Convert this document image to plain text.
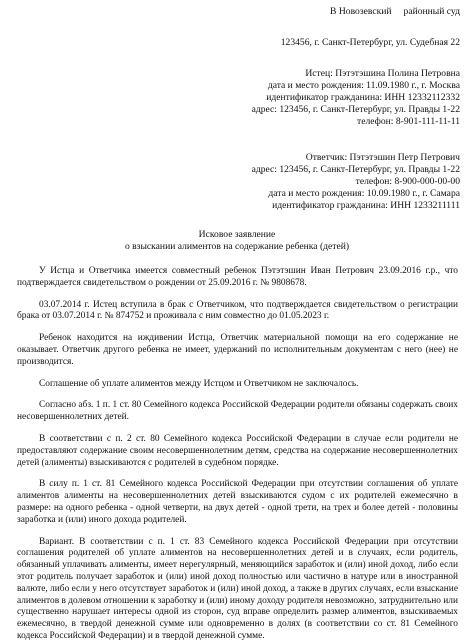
В Новозевский районный суд
123456, г. Санкт-Петербург, ул. Судебная 22
Истец: Пэтэтэшина Полина Петровна
дата и место рождения: 11.09.1980 г., г. Москва
идентификатор гражданина: ИНН 12332112332
адрес: 123456, г. Санкт-Петербург, ул. Правды 1-22
телефон: 8-901-111-11-11
Ответчик: Пэтэтэшин Петр Петрович
адрес: 123456, г. Санкт-Петербург, ул. Правды 1-22
телефон: 8-900-000-00-00
дата и место рождения: 10.09.1980 г., г. Самара
идентификатор гражданина: ИНН 1233211111
Исковое заявление
о взыскании алиментов на содержание ребенка (детей)

У Истца и Ответчика имеется совместный ребенок Пэтэтэшин Иван Петрович 23.09.2016 г.р., что подтверждается свидетельством о рождении от 25.09.2016 г. № 9808678.

03.07.2014 г. Истец вступила в брак с Ответчиком, что подтверждается свидетельством о регистрации брака от 03.07.2014 г. № 874752 и проживала с ним совместно до 01.05.2023 г.

Ребенок находится на иждивении Истца, Ответчик материальной помощи на его содержание не оказывает. Ответчик другого ребенка не имеет, удержаний по исполнительным документам с него (нее) не производится.

Соглашение об уплате алиментов между Истцом и Ответчиком не заключалось.

Согласно абз. 1 п. 1 ст. 80 Семейного кодекса Российской Федерации родители обязаны содержать своих несовершеннолетних детей.

В соответствии с п. 2 ст. 80 Семейного кодекса Российской Федерации в случае если родители не предоставляют содержание своим несовершеннолетним детям, средства на содержание несовершеннолетних детей (алименты) взыскиваются с родителей в судебном порядке.

В силу п. 1 ст. 81 Семейного кодекса Российской Федерации при отсутствии соглашения об уплате алиментов алименты на несовершеннолетних детей взыскиваются судом с их родителей ежемесячно в размере: на одного ребенка - одной четверти, на двух детей - одной трети, на трех и более детей - половины заработка и (или) иного дохода родителей.

Вариант. В соответствии с п. 1 ст. 83 Семейного кодекса Российской Федерации при отсутствии соглашения родителей об уплате алиментов на несовершеннолетних детей и в случаях, если родитель, обязанный уплачивать алименты, имеет нерегулярный, меняющийся заработок и (или) иной доход, либо если этот родитель получает заработок и (или) иной доход полностью или частично в натуре или в иностранной валюте, либо если у него отсутствует заработок и (или) иной доход, а также в других случаях, если взыскание алиментов в долевом отношении к заработку и (или) иному доходу родителя невозможно, затруднительно или существенно нарушает интересы одной из сторон, суд вправе определить размер алиментов, взыскиваемых ежемесячно, в твердой денежной сумме или одновременно в долях (в соответствии со ст. 81 Семейного кодекса Российской Федерации) и в твердой денежной сумме.
